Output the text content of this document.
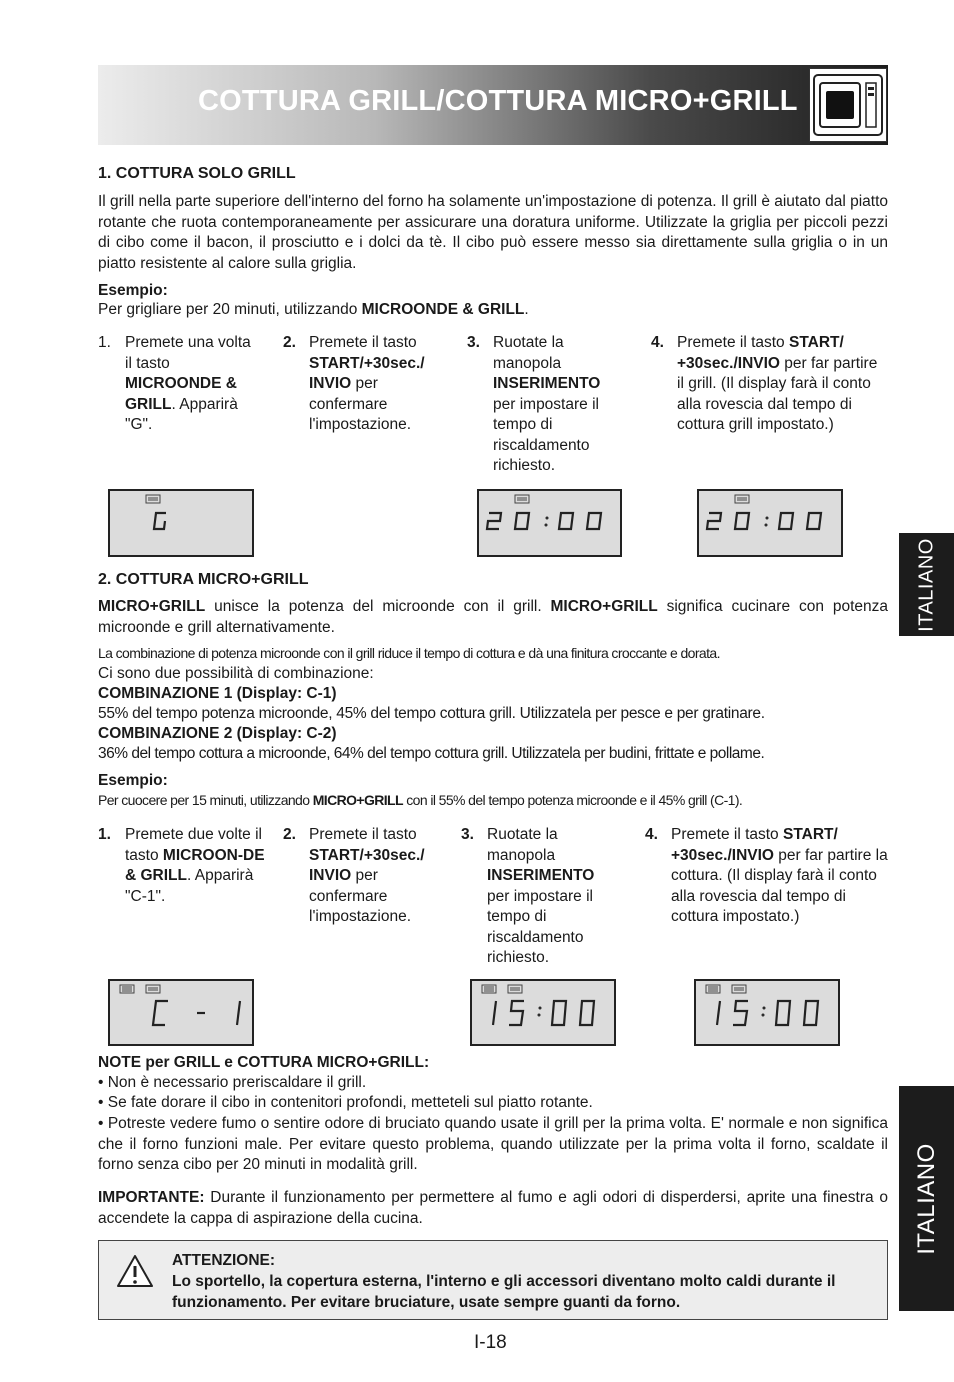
COTTURA GRILL/COTTURA MICRO+GRILL
1. COTTURA SOLO GRILL
Il grill nella parte superiore dell'interno del forno ha solamente un'impostazione di potenza. Il grill è aiutato dal piatto rotante che ruota contemporaneamente per assicurare una doratura uniforme. Utilizzate la griglia per piccoli pezzi di cibo come il bacon, il prosciutto e i dolci da tè. Il cibo può essere messo sia direttamente sulla griglia o in un piatto resistente al calore sulla griglia.
Esempio:
Per grigliare per 20 minuti, utilizzando MICROONDE & GRILL.
1. Premete una volta il tasto MICROONDE & GRILL. Apparirà "G".
2. Premete il tasto START/+30sec./ INVIO per confermare l'impostazione.
3. Ruotate la manopola INSERIMENTO per impostare il tempo di riscaldamento richiesto.
4. Premete il tasto START/ +30sec./INVIO per far partire il grill. (Il display farà il conto alla rovescia dal tempo di cottura grill impostato.)
2. COTTURA MICRO+GRILL
MICRO+GRILL unisce la potenza del microonde con il grill. MICRO+GRILL significa cucinare con potenza microonde e grill alternativamente.
La combinazione di potenza microonde con il grill riduce il tempo di cottura e dà una finitura croccante e dorata.
Ci sono due possibilità di combinazione:
COMBINAZIONE 1 (Display: C-1)
55% del tempo potenza microonde, 45% del tempo cottura grill. Utilizzatela per pesce e per gratinare.
COMBINAZIONE 2 (Display: C-2)
36% del tempo cottura a microonde, 64% del tempo cottura grill. Utilizzatela per budini, frittate e pollame.
Esempio:
Per cuocere per 15 minuti, utilizzando MICRO+GRILL con il 55% del tempo potenza microonde e il 45% grill (C-1).
1. Premete due volte il tasto MICROON-DE & GRILL. Apparirà "C-1".
2. Premete il tasto START/+30sec./ INVIO per confermare l'impostazione.
3. Ruotate la manopola INSERIMENTO per impostare il tempo di riscaldamento richiesto.
4. Premete il tasto START/ +30sec./INVIO per far partire la cottura. (Il display farà il conto alla rovescia dal tempo di cottura impostato.)
NOTE per GRILL e COTTURA MICRO+GRILL:
• Non è necessario preriscaldare il grill.
• Se fate dorare il cibo in contenitori profondi, metteteli sul piatto rotante.
• Potreste vedere fumo o sentire odore di bruciato quando usate il grill per la prima volta. E' normale e non significa che il forno funzioni male. Per evitare questo problema, quando utilizzate per la prima volta il forno, scaldate il forno senza cibo per 20 minuti in modalità grill.
IMPORTANTE: Durante il funzionamento per permettere al fumo e agli odori di disperdersi, aprite una finestra o accendete la cappa di aspirazione della cucina.
ATTENZIONE:
Lo sportello, la copertura esterna, l'interno e gli accessori diventano molto caldi durante il funzionamento. Per evitare bruciature, usate sempre guanti da forno.
I-18
ITALIANO
ITALIANO
